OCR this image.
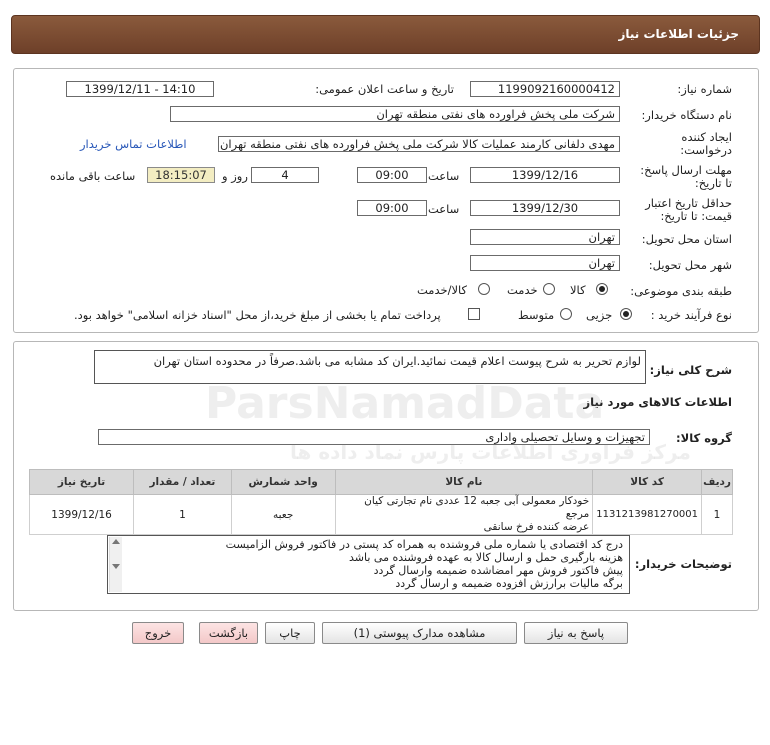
جزئیات اطلاعات نیاز
شماره نیاز:
1199092160000412
تاریخ و ساعت اعلان عمومی:
1399/12/11 - 14:10
نام دستگاه خریدار:
شرکت ملی پخش فراورده های نفتی منطقه تهران
ایجاد کننده
درخواست:
مهدی دلفانی کارمند عملیات کالا شرکت ملی پخش فراورده های نفتی منطقه تهران
اطلاعات تماس خریدار
مهلت ارسال پاسخ:
تا تاریخ:
1399/12/16
ساعت
09:00
4
روز و
18:15:07
ساعت باقی مانده
حداقل تاریخ اعتبار
قیمت: تا تاریخ:
1399/12/30
ساعت
09:00
استان محل تحویل:
تهران
شهر محل تحویل:
تهران
طبقه بندی موضوعی:
کالا
خدمت
کالا/خدمت
نوع فرآیند خرید :
جزیی
متوسط
پرداخت تمام یا بخشی از مبلغ خرید،از محل "اسناد خزانه اسلامی" خواهد بود.
شرح کلی نیاز:
لوازم تحریر به شرح پیوست اعلام قیمت نمائید.ایران کد مشابه می باشد.صرفاً در محدوده استان تهران
اطلاعات کالاهای مورد نیاز
گروه کالا:
تجهیزات و وسایل تحصیلی واداری
ردیف	کد کالا	نام کالا	واحد شمارش	تعداد / مقدار	تاریخ نیاز
1	1131213981270001	خودکار معمولی آبی جعبه 12 عددی نام تجارتی کیان مرجع
عرضه کننده فرخ سانقی	جعبه	1	1399/12/16
توضیحات خریدار:
درج کد اقتصادی یا شماره ملی فروشنده به همراه کد پستی در فاکتور فروش الزامیست
هزینه بارگیری حمل و ارسال کالا به عهده فروشنده می باشد
پیش فاکتور فروش مهر امضاشده ضمیمه وارسال گردد
برگه مالیات برارزش افزوده ضمیمه و ارسال گردد
پاسخ به نیاز
مشاهده مدارک پیوستی (1)
چاپ
بازگشت
خروج
